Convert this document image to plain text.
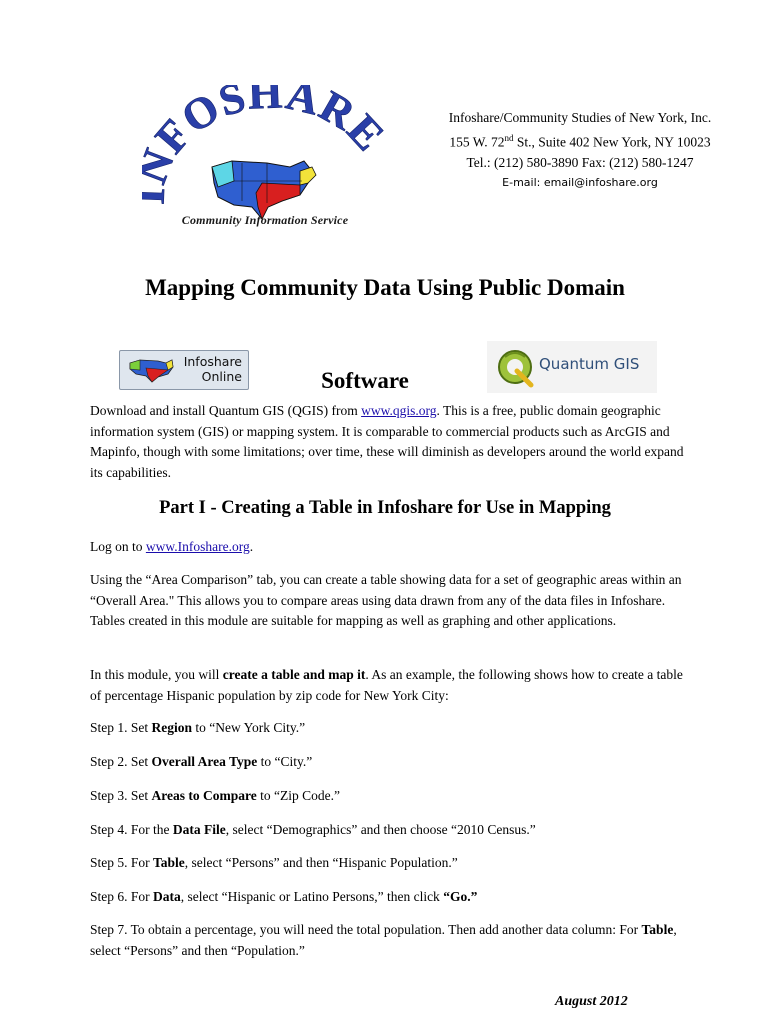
Infoshare/Community Studies of New York, Inc.
155 W. 72nd St., Suite 402 New York, NY 10023
Tel.: (212) 580-3890 Fax: (212) 580-1247
E-mail: email@infoshare.org
FOSHAR
Community Information Service
Mapping Community Data Using Public Domain
Software
Infoshare
Online
Quantum GIS
Download and install Quantum GIS (QGIS) from www.qgis.org. This is a free, public domain geographic information system (GIS) or mapping system. It is comparable to commercial products such as ArcGIS and Mapinfo, though with some limitations; over time, these will diminish as developers around the world expand its capabilities.
Part I - Creating a Table in Infoshare for Use in Mapping
Log on to www.Infoshare.org.
Using the “Area Comparison” tab, you can create a table showing data for a set of geographic areas within an “Overall Area." This allows you to compare areas using data drawn from any of the data files in Infoshare. Tables created in this module are suitable for mapping as well as graphing and other applications.
In this module, you will create a table and map it. As an example, the following shows how to create a table of percentage Hispanic population by zip code for New York City:
Step 1. Set Region to “New York City.”
Step 2. Set Overall Area Type to “City.”
Step 3. Set Areas to Compare to “Zip Code.”
Step 4. For the Data File, select “Demographics” and then choose “2010 Census.”
Step 5. For Table, select “Persons” and then “Hispanic Population.”
Step 6. For Data, select “Hispanic or Latino Persons,” then click “Go.”
Step 7. To obtain a percentage, you will need the total population. Then add another data column: For Table, select “Persons” and then “Population.”
August 2012
